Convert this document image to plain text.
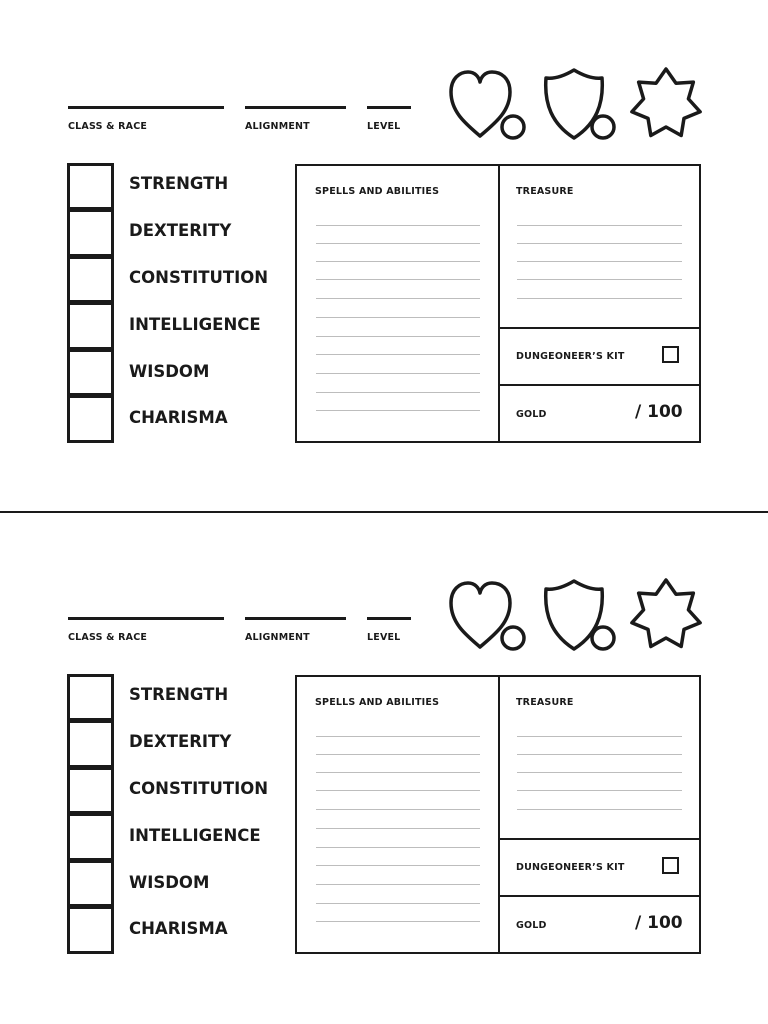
CLASS & RACE	ALIGNMENT	LEVEL
STRENGTH
DEXTERITY
CONSTITUTION
INTELLIGENCE
WISDOM
CHARISMA
SPELLS AND ABILITIES	TREASURE
DUNGEONEER’S KIT
GOLD	/ 100
CLASS & RACE	ALIGNMENT	LEVEL
STRENGTH
DEXTERITY
CONSTITUTION
INTELLIGENCE
WISDOM
CHARISMA
SPELLS AND ABILITIES	TREASURE
DUNGEONEER’S KIT
GOLD	/ 100
